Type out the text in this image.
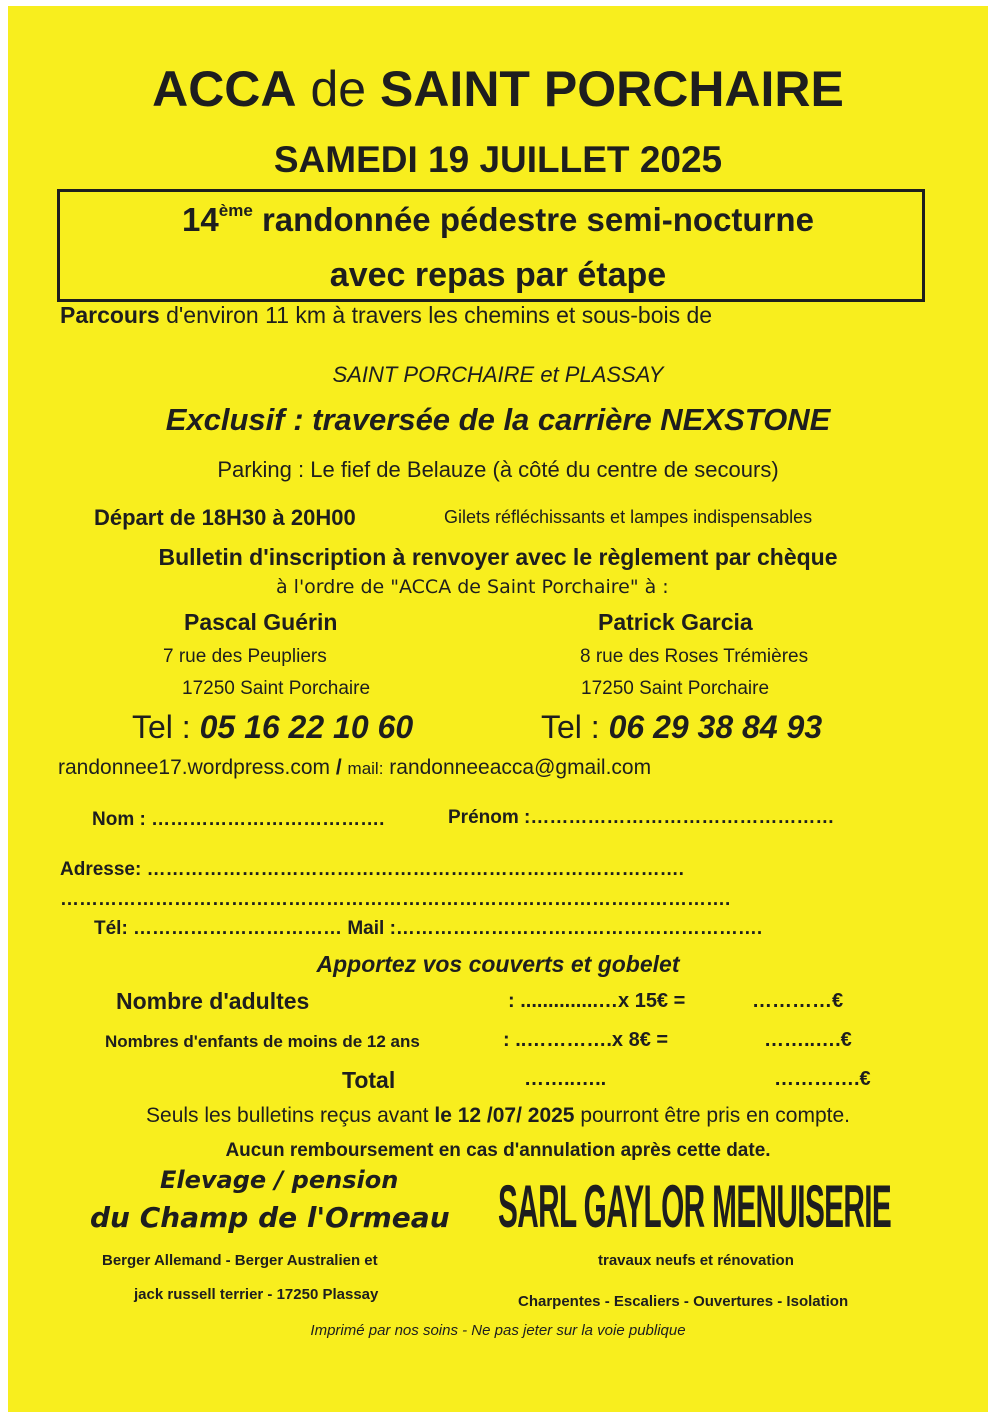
ACCA de SAINT PORCHAIRE
SAMEDI 19 JUILLET 2025
14ème randonnée pédestre semi-nocturne
avec repas par étape
Parcours d'environ 11 km à travers les chemins et sous-bois de
SAINT PORCHAIRE et PLASSAY
Exclusif : traversée de la carrière NEXSTONE
Parking : Le fief de Belauze (à côté du centre de secours)
Départ de 18H30 à 20H00	Gilets réfléchissants et lampes indispensables
Bulletin d'inscription à renvoyer avec le règlement par chèque
à l'ordre de "ACCA de Saint Porchaire" à :
Pascal Guérin
7 rue des Peupliers
17250 Saint Porchaire
Tel : 05 16 22 10 60
Patrick Garcia
8 rue des Roses Trémières
17250 Saint Porchaire
Tel : 06 29 38 84 93
randonnee17.wordpress.com / mail: randonneeacca@gmail.com
Nom : ……………………………….	Prénom :…………………………………………
Adresse: ………………………………………………………………………….
…………………………………………………………………………………………….
Tél: …………………………… Mail :………………………………………………….
Apportez vos couverts et gobelet
Nombre d'adultes	: ..............…x 15€ =	…………€
Nombres d'enfants de moins de 12 ans	: ..………….x 8€ =	……..….€
Total	……..…..	………….€
Seuls les bulletins reçus avant le 12 /07/ 2025 pourront être pris en compte.
Aucun remboursement en cas d'annulation après cette date.
Elevage / pension
du Champ de l'Ormeau
Berger Allemand - Berger Australien et
jack russell terrier - 17250 Plassay
SARL GAYLOR MENUISERIE
travaux neufs et rénovation
Charpentes - Escaliers - Ouvertures - Isolation
Imprimé par nos soins - Ne pas jeter sur la voie publique
